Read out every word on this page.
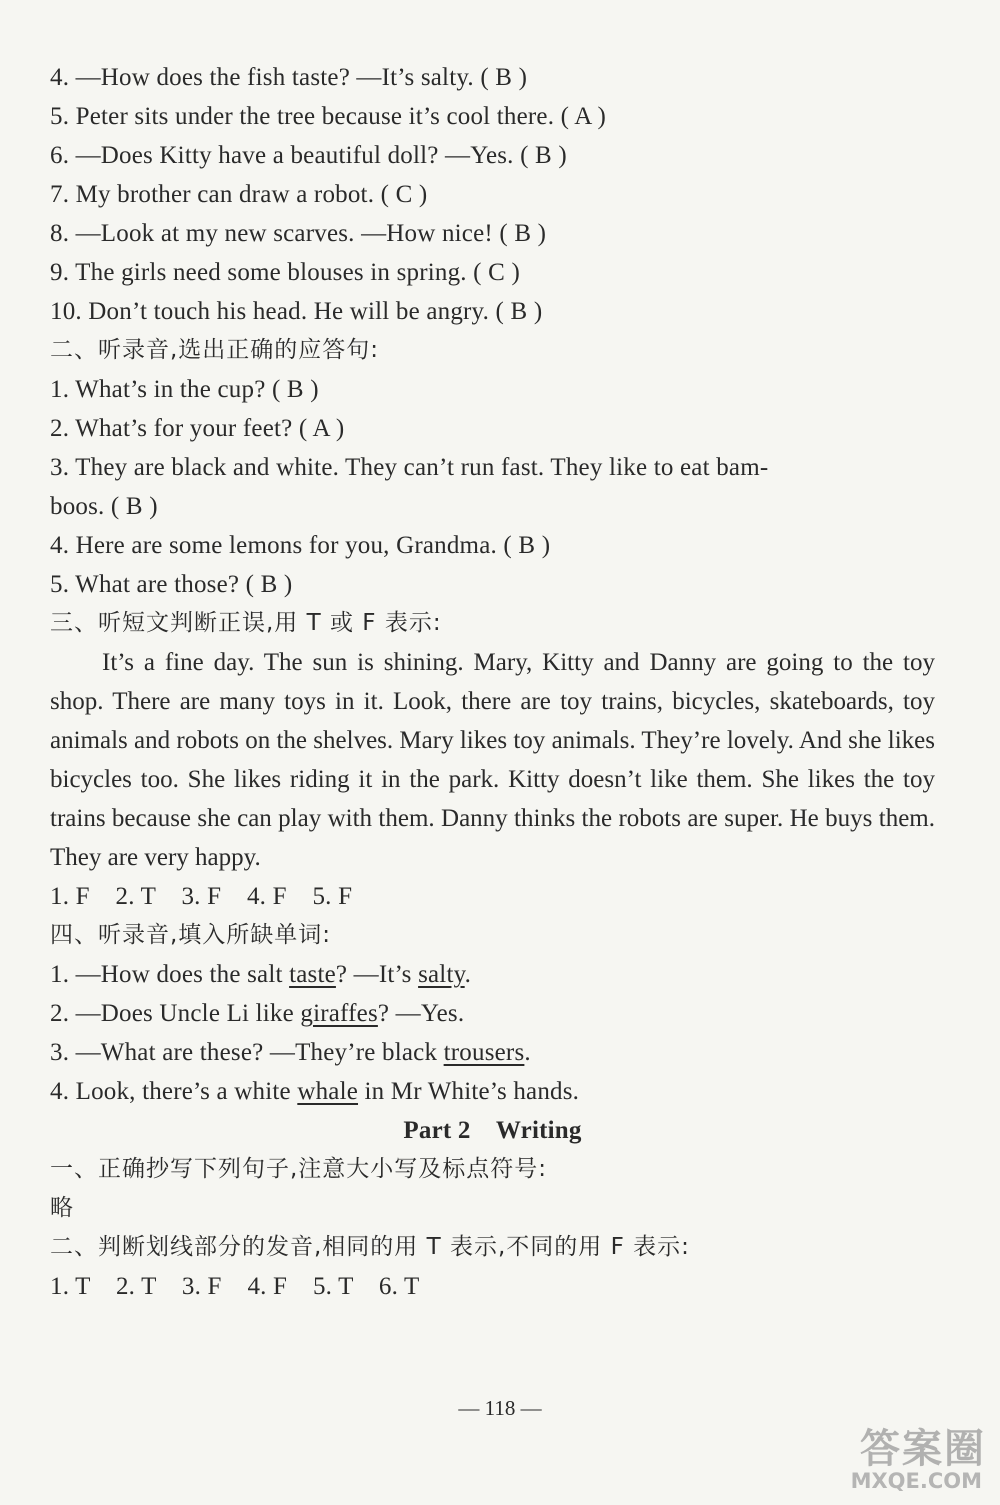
4. —How does the fish taste? —It’s salty. ( B )
5. Peter sits under the tree because it’s cool there. ( A )
6. —Does Kitty have a beautiful doll? —Yes. ( B )
7. My brother can draw a robot. ( C )
8. —Look at my new scarves. —How nice! ( B )
9. The girls need some blouses in spring. ( C )
10. Don’t touch his head. He will be angry. ( B )
二、听录音,选出正确的应答句:
1. What’s in the cup? ( B )
2. What’s for your feet? ( A )
3. They are black and white. They can’t run fast. They like to eat bam-
boos. ( B )
4. Here are some lemons for you, Grandma. ( B )
5. What are those? ( B )
三、听短文判断正误,用 T 或 F 表示:
It’s a fine day. The sun is shining. Mary, Kitty and Danny are going to the toy shop. There are many toys in it. Look, there are toy trains, bicycles, skateboards, toy animals and robots on the shelves. Mary likes toy animals. They’re lovely. And she likes bicycles too. She likes riding it in the park. Kitty doesn’t like them. She likes the toy trains because she can play with them. Danny thinks the robots are super. He buys them. They are very happy.
1. F    2. T    3. F    4. F    5. F
四、听录音,填入所缺单词:
1. —How does the salt taste? —It’s salty.
2. —Does Uncle Li like giraffes? —Yes.
3. —What are these? —They’re black trousers.
4. Look, there’s a white whale in Mr White’s hands.
Part 2    Writing
一、正确抄写下列句子,注意大小写及标点符号:
略
二、判断划线部分的发音,相同的用 T 表示,不同的用 F 表示:
1. T    2. T    3. F    4. F    5. T    6. T
— 118 —
答案圈
MXQE.COM
